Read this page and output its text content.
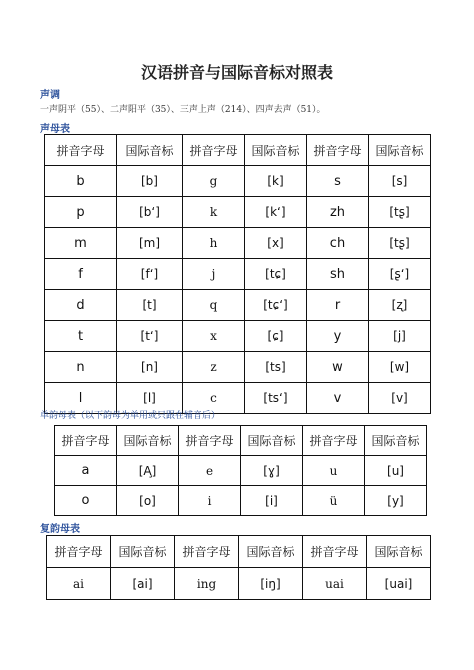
汉语拼音与国际音标对照表
声调
一声阴平（55）、二声阳平（35）、三声上声（214）、四声去声（51）。
声母表
拼音字母	国际音标	拼音字母	国际音标	拼音字母	国际音标
b	[b]	g	[k]	s	[s]
p	[bʻ]	k	[kʻ]	zh	[tʂ]
m	[m]	h	[x]	ch	[tʂ]
f	[fʻ]	j	[tɕ]	sh	[ʂʻ]
d	[t]	q	[tɕʻ]	r	[ʐ]
t	[tʻ]	x	[ɕ]	y	[j]
n	[n]	z	[ts]	w	[w]
l	[l]	c	[tsʻ]	v	[v]
单韵母表（以下韵母为单用或只跟在辅音后）
拼音字母	国际音标	拼音字母	国际音标	拼音字母	国际音标
a	[A̧]	e	[ɣ]	u	[u]
o	[o]	i	[i]	ü	[y]
复韵母表
拼音字母	国际音标	拼音字母	国际音标	拼音字母	国际音标
ai	[ai]	ing	[iŋ]	uai	[uai]
